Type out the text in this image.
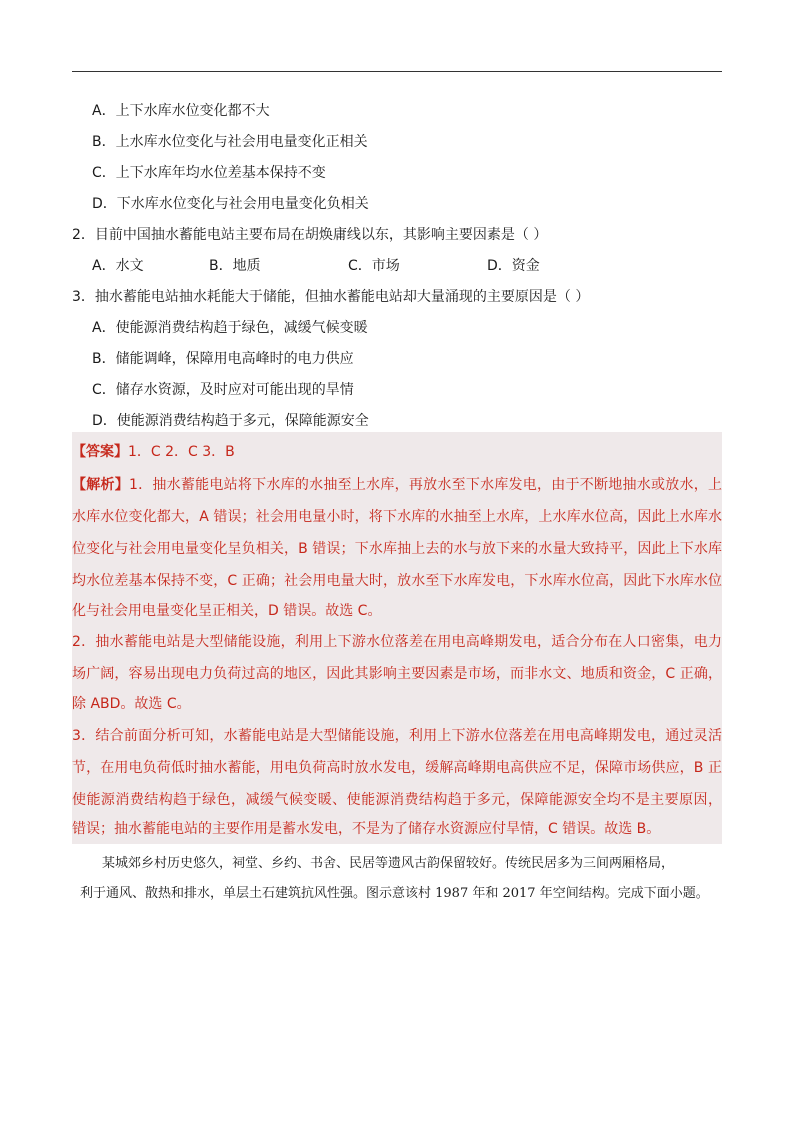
A．上下水库水位变化都不大
B．上水库水位变化与社会用电量变化正相关
C．上下水库年均水位差基本保持不变
D．下水库水位变化与社会用电量变化负相关
2．目前中国抽水蓄能电站主要布局在胡焕庸线以东，其影响主要因素是（ ）
A．水文	B．地质	C．市场	D．资金
3．抽水蓄能电站抽水耗能大于储能，但抽水蓄能电站却大量涌现的主要原因是（ ）
A．使能源消费结构趋于绿色，减缓气候变暖
B．储能调峰，保障用电高峰时的电力供应
C．储存水资源，及时应对可能出现的旱情
D．使能源消费结构趋于多元，保障能源安全
【答案】1．C 2．C 3．B
【解析】1．抽水蓄能电站将下水库的水抽至上水库，再放水至下水库发电，由于不断地抽水或放水，上
水库水位变化都大，A 错误；社会用电量小时，将下水库的水抽至上水库，上水库水位高，因此上水库水
位变化与社会用电量变化呈负相关，B 错误；下水库抽上去的水与放下来的水量大致持平，因此上下水库
均水位差基本保持不变，C 正确；社会用电量大时，放水至下水库发电，下水库水位高，因此下水库水位
化与社会用电量变化呈正相关，D 错误。故选 C。
2．抽水蓄能电站是大型储能设施，利用上下游水位落差在用电高峰期发电，适合分布在人口密集，电力
场广阔，容易出现电力负荷过高的地区，因此其影响主要因素是市场，而非水文、地质和资金，C 正确，
除 ABD。故选 C。
3．结合前面分析可知，水蓄能电站是大型储能设施，利用上下游水位落差在用电高峰期发电，通过灵活
节，在用电负荷低时抽水蓄能，用电负荷高时放水发电，缓解高峰期电高供应不足，保障市场供应，B 正
使能源消费结构趋于绿色，减缓气候变暖、使能源消费结构趋于多元，保障能源安全均不是主要原因，
错误；抽水蓄能电站的主要作用是蓄水发电，不是为了储存水资源应付旱情，C 错误。故选 B。
某城郊乡村历史悠久，祠堂、乡约、书舍、民居等遗风古韵保留较好。传统民居多为三间两厢格局，
利于通风、散热和排水，单层土石建筑抗风性强。图示意该村 1987 年和 2017 年空间结构。完成下面小题。
